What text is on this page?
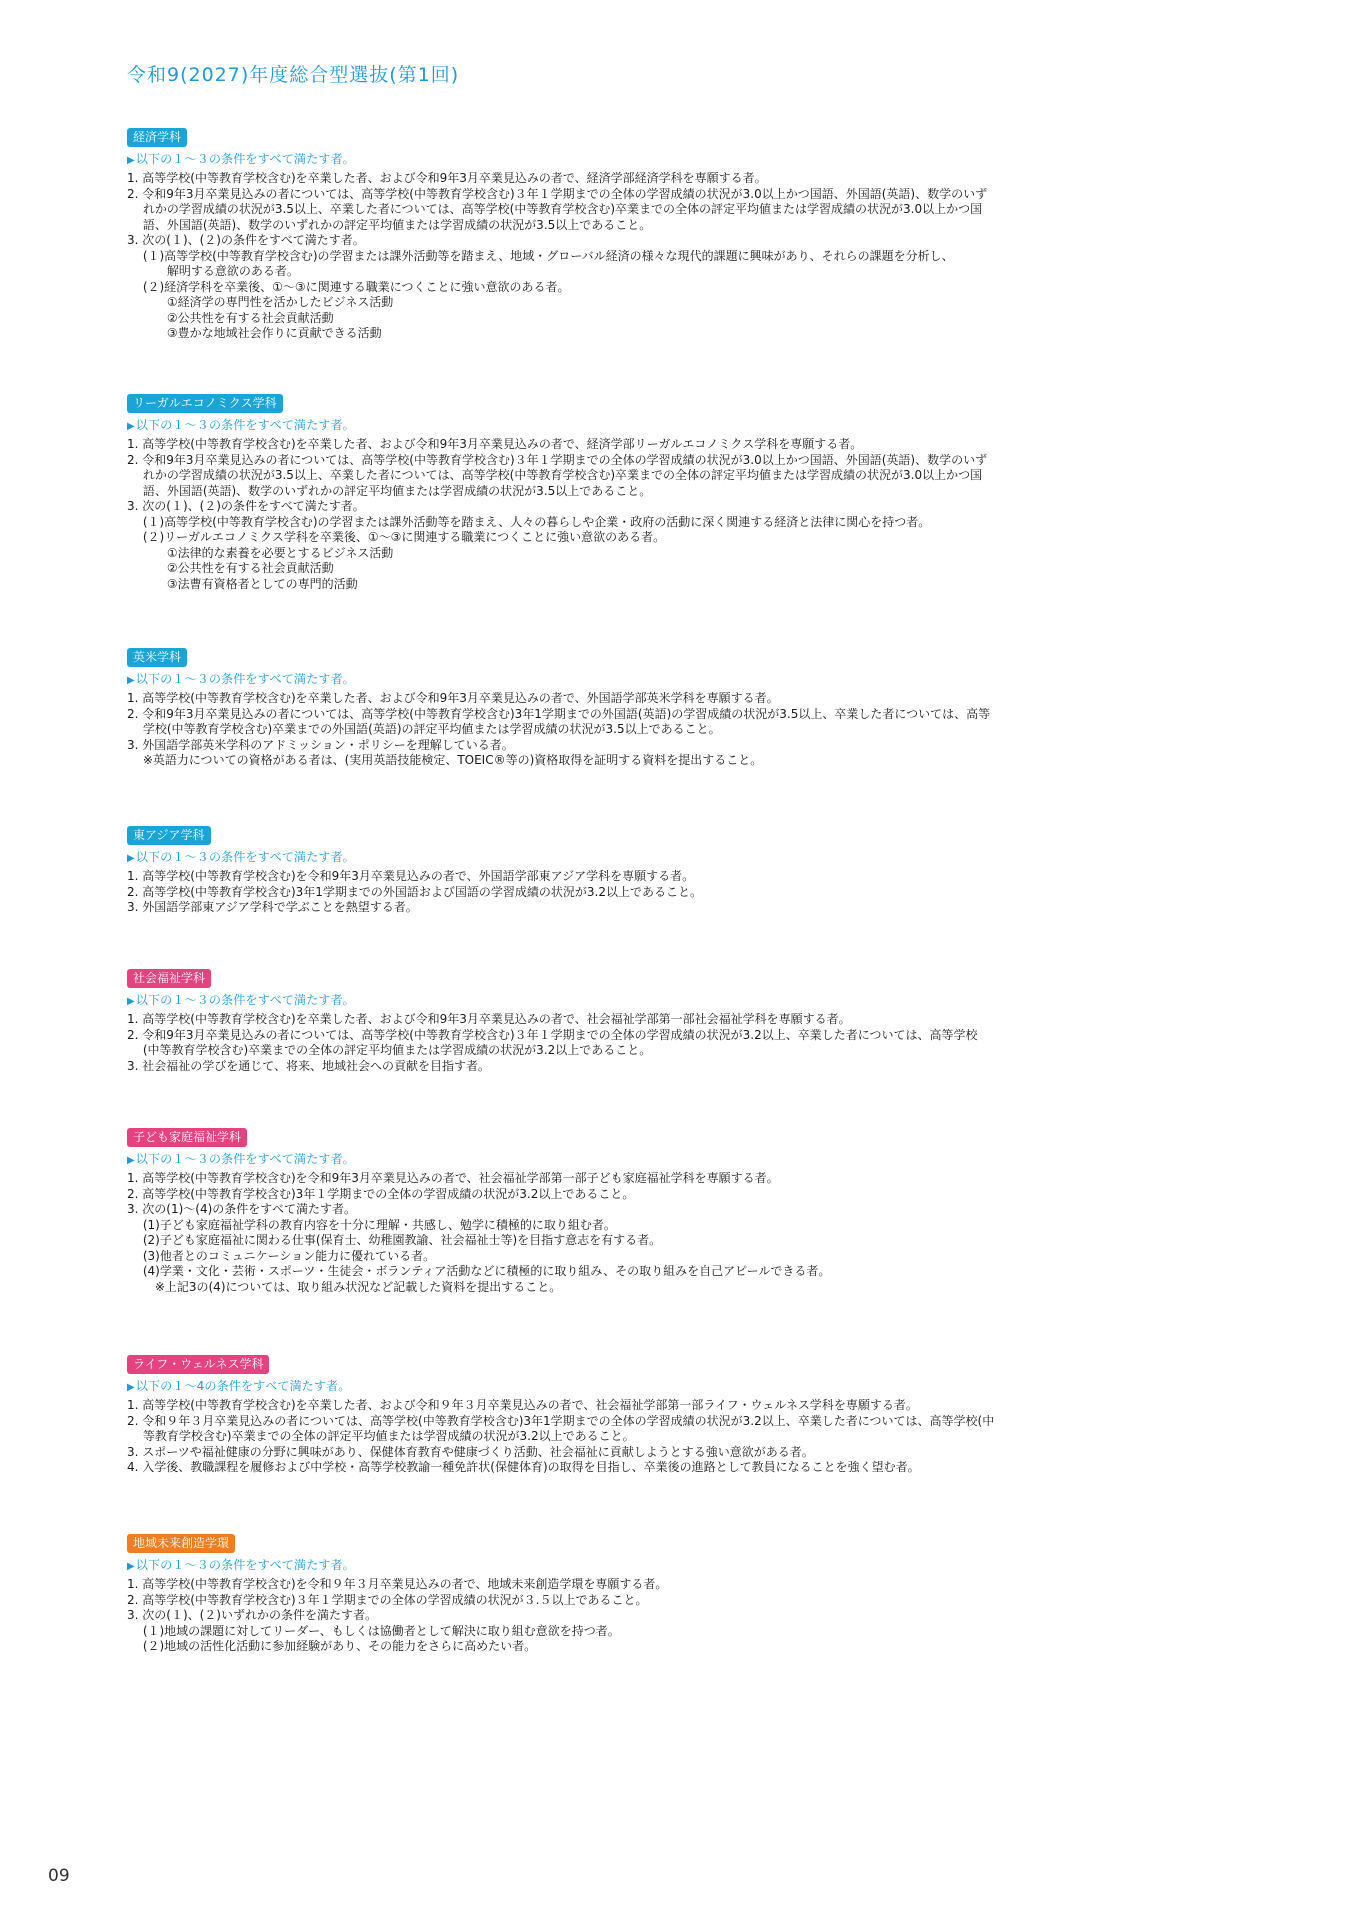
令和9(2027)年度総合型選抜(第1回)
経済学科
▶以下の１～３の条件をすべて満たす者。
1. 高等学校(中等教育学校含む)を卒業した者、および令和9年3月卒業見込みの者で、経済学部経済学科を専願する者。
2. 令和9年3月卒業見込みの者については、高等学校(中等教育学校含む)３年１学期までの全体の学習成績の状況が3.0以上かつ国語、外国語(英語)、数学のいず
　 れかの学習成績の状況が3.5以上、卒業した者については、高等学校(中等教育学校含む)卒業までの全体の評定平均値または学習成績の状況が3.0以上かつ国
　 語、外国語(英語)、数学のいずれかの評定平均値または学習成績の状況が3.5以上であること。
3. 次の(１)、(２)の条件をすべて満たす者。
　 (１)高等学校(中等教育学校含む)の学習または課外活動等を踏まえ、地域・グローバル経済の様々な現代的課題に興味があり、それらの課題を分析し、
　　　 解明する意欲のある者。
　 (２)経済学科を卒業後、①～③に関連する職業につくことに強い意欲のある者。
　　　 ①経済学の専門性を活かしたビジネス活動
　　　 ②公共性を有する社会貢献活動
　　　 ③豊かな地域社会作りに貢献できる活動
リーガルエコノミクス学科
▶以下の１～３の条件をすべて満たす者。
1. 高等学校(中等教育学校含む)を卒業した者、および令和9年3月卒業見込みの者で、経済学部リーガルエコノミクス学科を専願する者。
2. 令和9年3月卒業見込みの者については、高等学校(中等教育学校含む)３年１学期までの全体の学習成績の状況が3.0以上かつ国語、外国語(英語)、数学のいず
　 れかの学習成績の状況が3.5以上、卒業した者については、高等学校(中等教育学校含む)卒業までの全体の評定平均値または学習成績の状況が3.0以上かつ国
　 語、外国語(英語)、数学のいずれかの評定平均値または学習成績の状況が3.5以上であること。
3. 次の(１)、(２)の条件をすべて満たす者。
　 (１)高等学校(中等教育学校含む)の学習または課外活動等を踏まえ、人々の暮らしや企業・政府の活動に深く関連する経済と法律に関心を持つ者。
　 (２)リーガルエコノミクス学科を卒業後、①～③に関連する職業につくことに強い意欲のある者。
　　　 ①法律的な素養を必要とするビジネス活動
　　　 ②公共性を有する社会貢献活動
　　　 ③法曹有資格者としての専門的活動
英米学科
▶以下の１～３の条件をすべて満たす者。
1. 高等学校(中等教育学校含む)を卒業した者、および令和9年3月卒業見込みの者で、外国語学部英米学科を専願する者。
2. 令和9年3月卒業見込みの者については、高等学校(中等教育学校含む)3年1学期までの外国語(英語)の学習成績の状況が3.5以上、卒業した者については、高等
　 学校(中等教育学校含む)卒業までの外国語(英語)の評定平均値または学習成績の状況が3.5以上であること。
3. 外国語学部英米学科のアドミッション・ポリシーを理解している者。
　 ※英語力についての資格がある者は、(実用英語技能検定、TOEIC®等の)資格取得を証明する資料を提出すること。
東アジア学科
▶以下の１～３の条件をすべて満たす者。
1. 高等学校(中等教育学校含む)を令和9年3月卒業見込みの者で、外国語学部東アジア学科を専願する者。
2. 高等学校(中等教育学校含む)3年1学期までの外国語および国語の学習成績の状況が3.2以上であること。
3. 外国語学部東アジア学科で学ぶことを熱望する者。
社会福祉学科
▶以下の１～３の条件をすべて満たす者。
1. 高等学校(中等教育学校含む)を卒業した者、および令和9年3月卒業見込みの者で、社会福祉学部第一部社会福祉学科を専願する者。
2. 令和9年3月卒業見込みの者については、高等学校(中等教育学校含む)３年１学期までの全体の学習成績の状況が3.2以上、卒業した者については、高等学校
　 (中等教育学校含む)卒業までの全体の評定平均値または学習成績の状況が3.2以上であること。
3. 社会福祉の学びを通じて、将来、地域社会への貢献を目指す者。
子ども家庭福祉学科
▶以下の１～３の条件をすべて満たす者。
1. 高等学校(中等教育学校含む)を令和9年3月卒業見込みの者で、社会福祉学部第一部子ども家庭福祉学科を専願する者。
2. 高等学校(中等教育学校含む)3年１学期までの全体の学習成績の状況が3.2以上であること。
3. 次の(1)～(4)の条件をすべて満たす者。
　 (1)子ども家庭福祉学科の教育内容を十分に理解・共感し、勉学に積極的に取り組む者。
　 (2)子ども家庭福祉に関わる仕事(保育士、幼稚園教諭、社会福祉士等)を目指す意志を有する者。
　 (3)他者とのコミュニケーション能力に優れている者。
　 (4)学業・文化・芸術・スポーツ・生徒会・ボランティア活動などに積極的に取り組み、その取り組みを自己アピールできる者。
　　 ※上記3の(4)については、取り組み状況など記載した資料を提出すること。
ライフ・ウェルネス学科
▶以下の１～4の条件をすべて満たす者。
1. 高等学校(中等教育学校含む)を卒業した者、および令和９年３月卒業見込みの者で、社会福祉学部第一部ライフ・ウェルネス学科を専願する者。
2. 令和９年３月卒業見込みの者については、高等学校(中等教育学校含む)3年1学期までの全体の学習成績の状況が3.2以上、卒業した者については、高等学校(中
　 等教育学校含む)卒業までの全体の評定平均値または学習成績の状況が3.2以上であること。
3. スポーツや福祉健康の分野に興味があり、保健体育教育や健康づくり活動、社会福祉に貢献しようとする強い意欲がある者。
4. 入学後、教職課程を履修および中学校・高等学校教諭一種免許状(保健体育)の取得を目指し、卒業後の進路として教員になることを強く望む者。
地域未来創造学環
▶以下の１～３の条件をすべて満たす者。
1. 高等学校(中等教育学校含む)を令和９年３月卒業見込みの者で、地域未来創造学環を専願する者。
2. 高等学校(中等教育学校含む)３年１学期までの全体の学習成績の状況が３.５以上であること。
3. 次の(１)、(２)いずれかの条件を満たす者。
　 (１)地域の課題に対してリーダー、もしくは協働者として解決に取り組む意欲を持つ者。
　 (２)地域の活性化活動に参加経験があり、その能力をさらに高めたい者。
09
